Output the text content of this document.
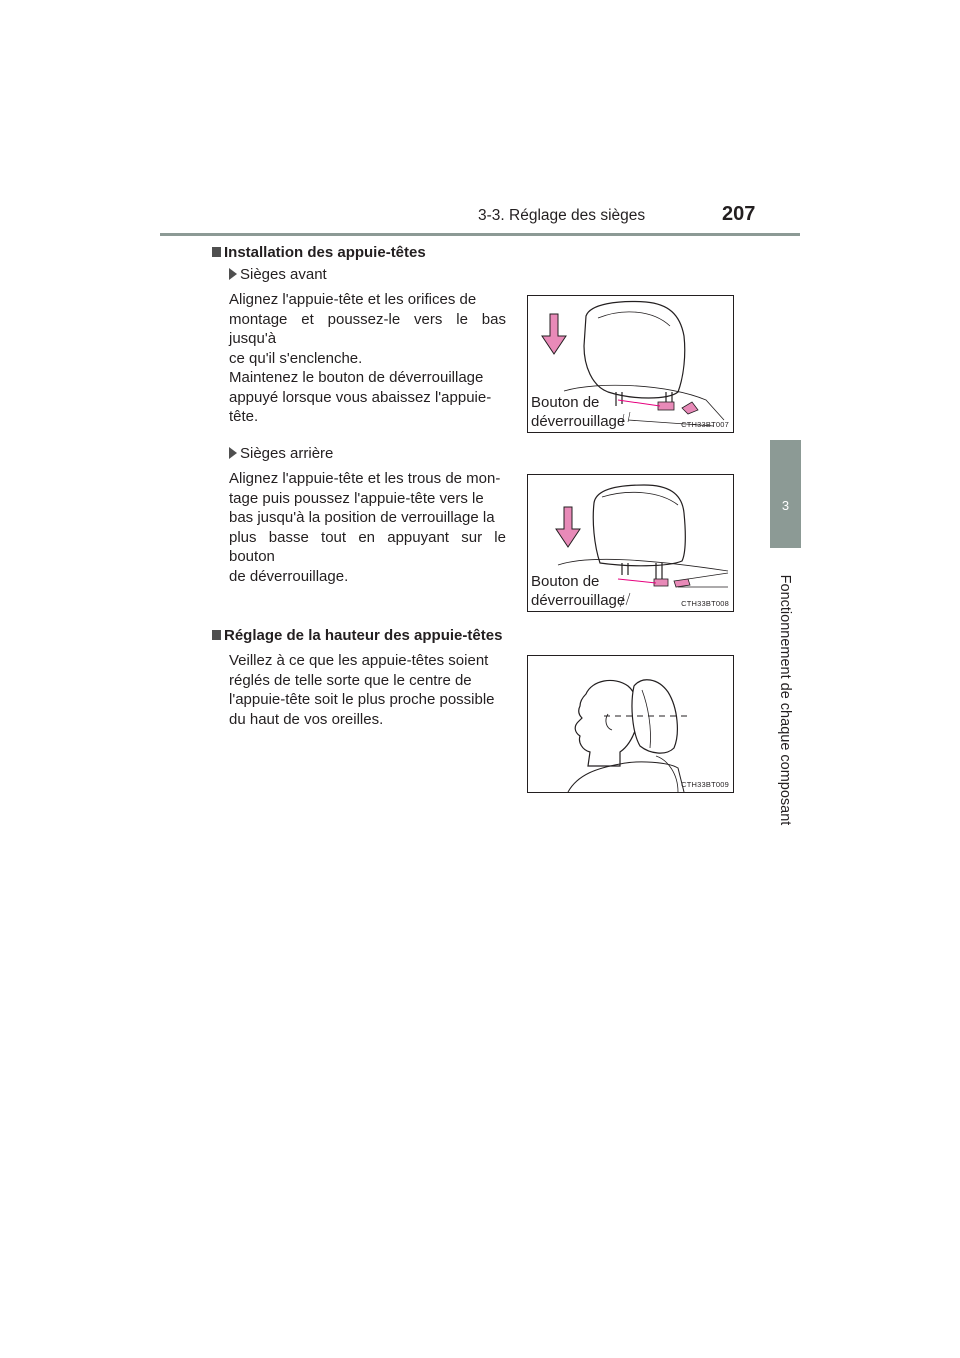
3-3. Réglage des sièges	207
3
Fonctionnement de chaque composant
Installation des appuie-têtes
Sièges avant
Alignez l'appuie-tête et les orifices de
montage et poussez-le vers le bas jusqu'à
ce qu'il s'enclenche.
Maintenez le bouton de déverrouillage
appuyé lorsque vous abaissez l'appuie-
tête.
Bouton de
déverrouillage	CTH33BT007
Sièges arrière
Alignez l'appuie-tête et les trous de mon-
tage puis poussez l'appuie-tête vers le
bas jusqu'à la position de verrouillage la
plus basse tout en appuyant sur le bouton
de déverrouillage.	Bouton de
déverrouillage	CTH33BT008
Réglage de la hauteur des appuie-têtes
Veillez à ce que les appuie-têtes soient
réglés de telle sorte que le centre de
l'appuie-tête soit le plus proche possible
du haut de vos oreilles.
CTH33BT009
